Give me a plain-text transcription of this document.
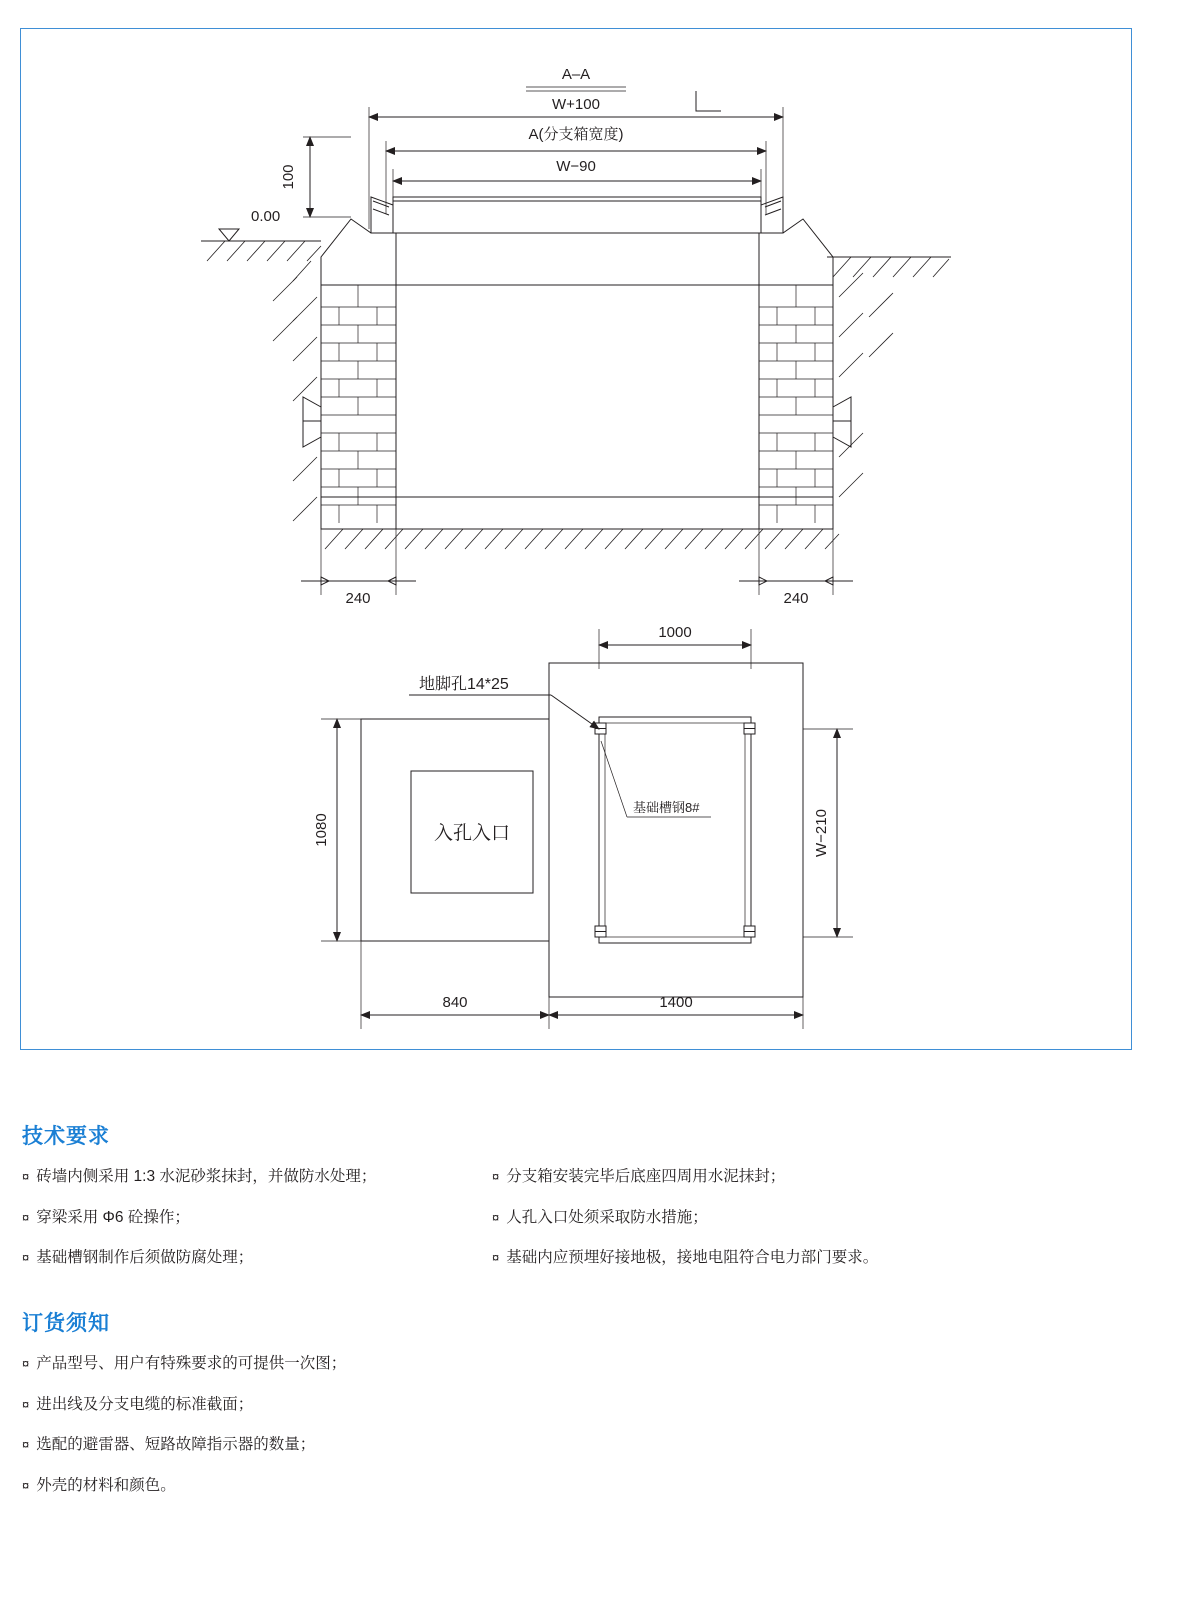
A–A
W+100
A(分支箱宽度)
W−90
100
0.00
240	240
1000
入孔入口
地脚孔14*25
基础槽钢8#
1080	W−210
840	1400
技术要求
¤ 砖墙内侧采用 1:3 水泥砂浆抹封，并做防水处理；	¤ 分支箱安装完毕后底座四周用水泥抹封；
¤ 穿梁采用 Φ6 砼操作；	¤ 人孔入口处须采取防水措施；
¤ 基础槽钢制作后须做防腐处理；	¤ 基础内应预埋好接地极，接地电阻符合电力部门要求。
订货须知
¤ 产品型号、用户有特殊要求的可提供一次图；
¤ 进出线及分支电缆的标准截面；
¤ 选配的避雷器、短路故障指示器的数量；
¤ 外壳的材料和颜色。
